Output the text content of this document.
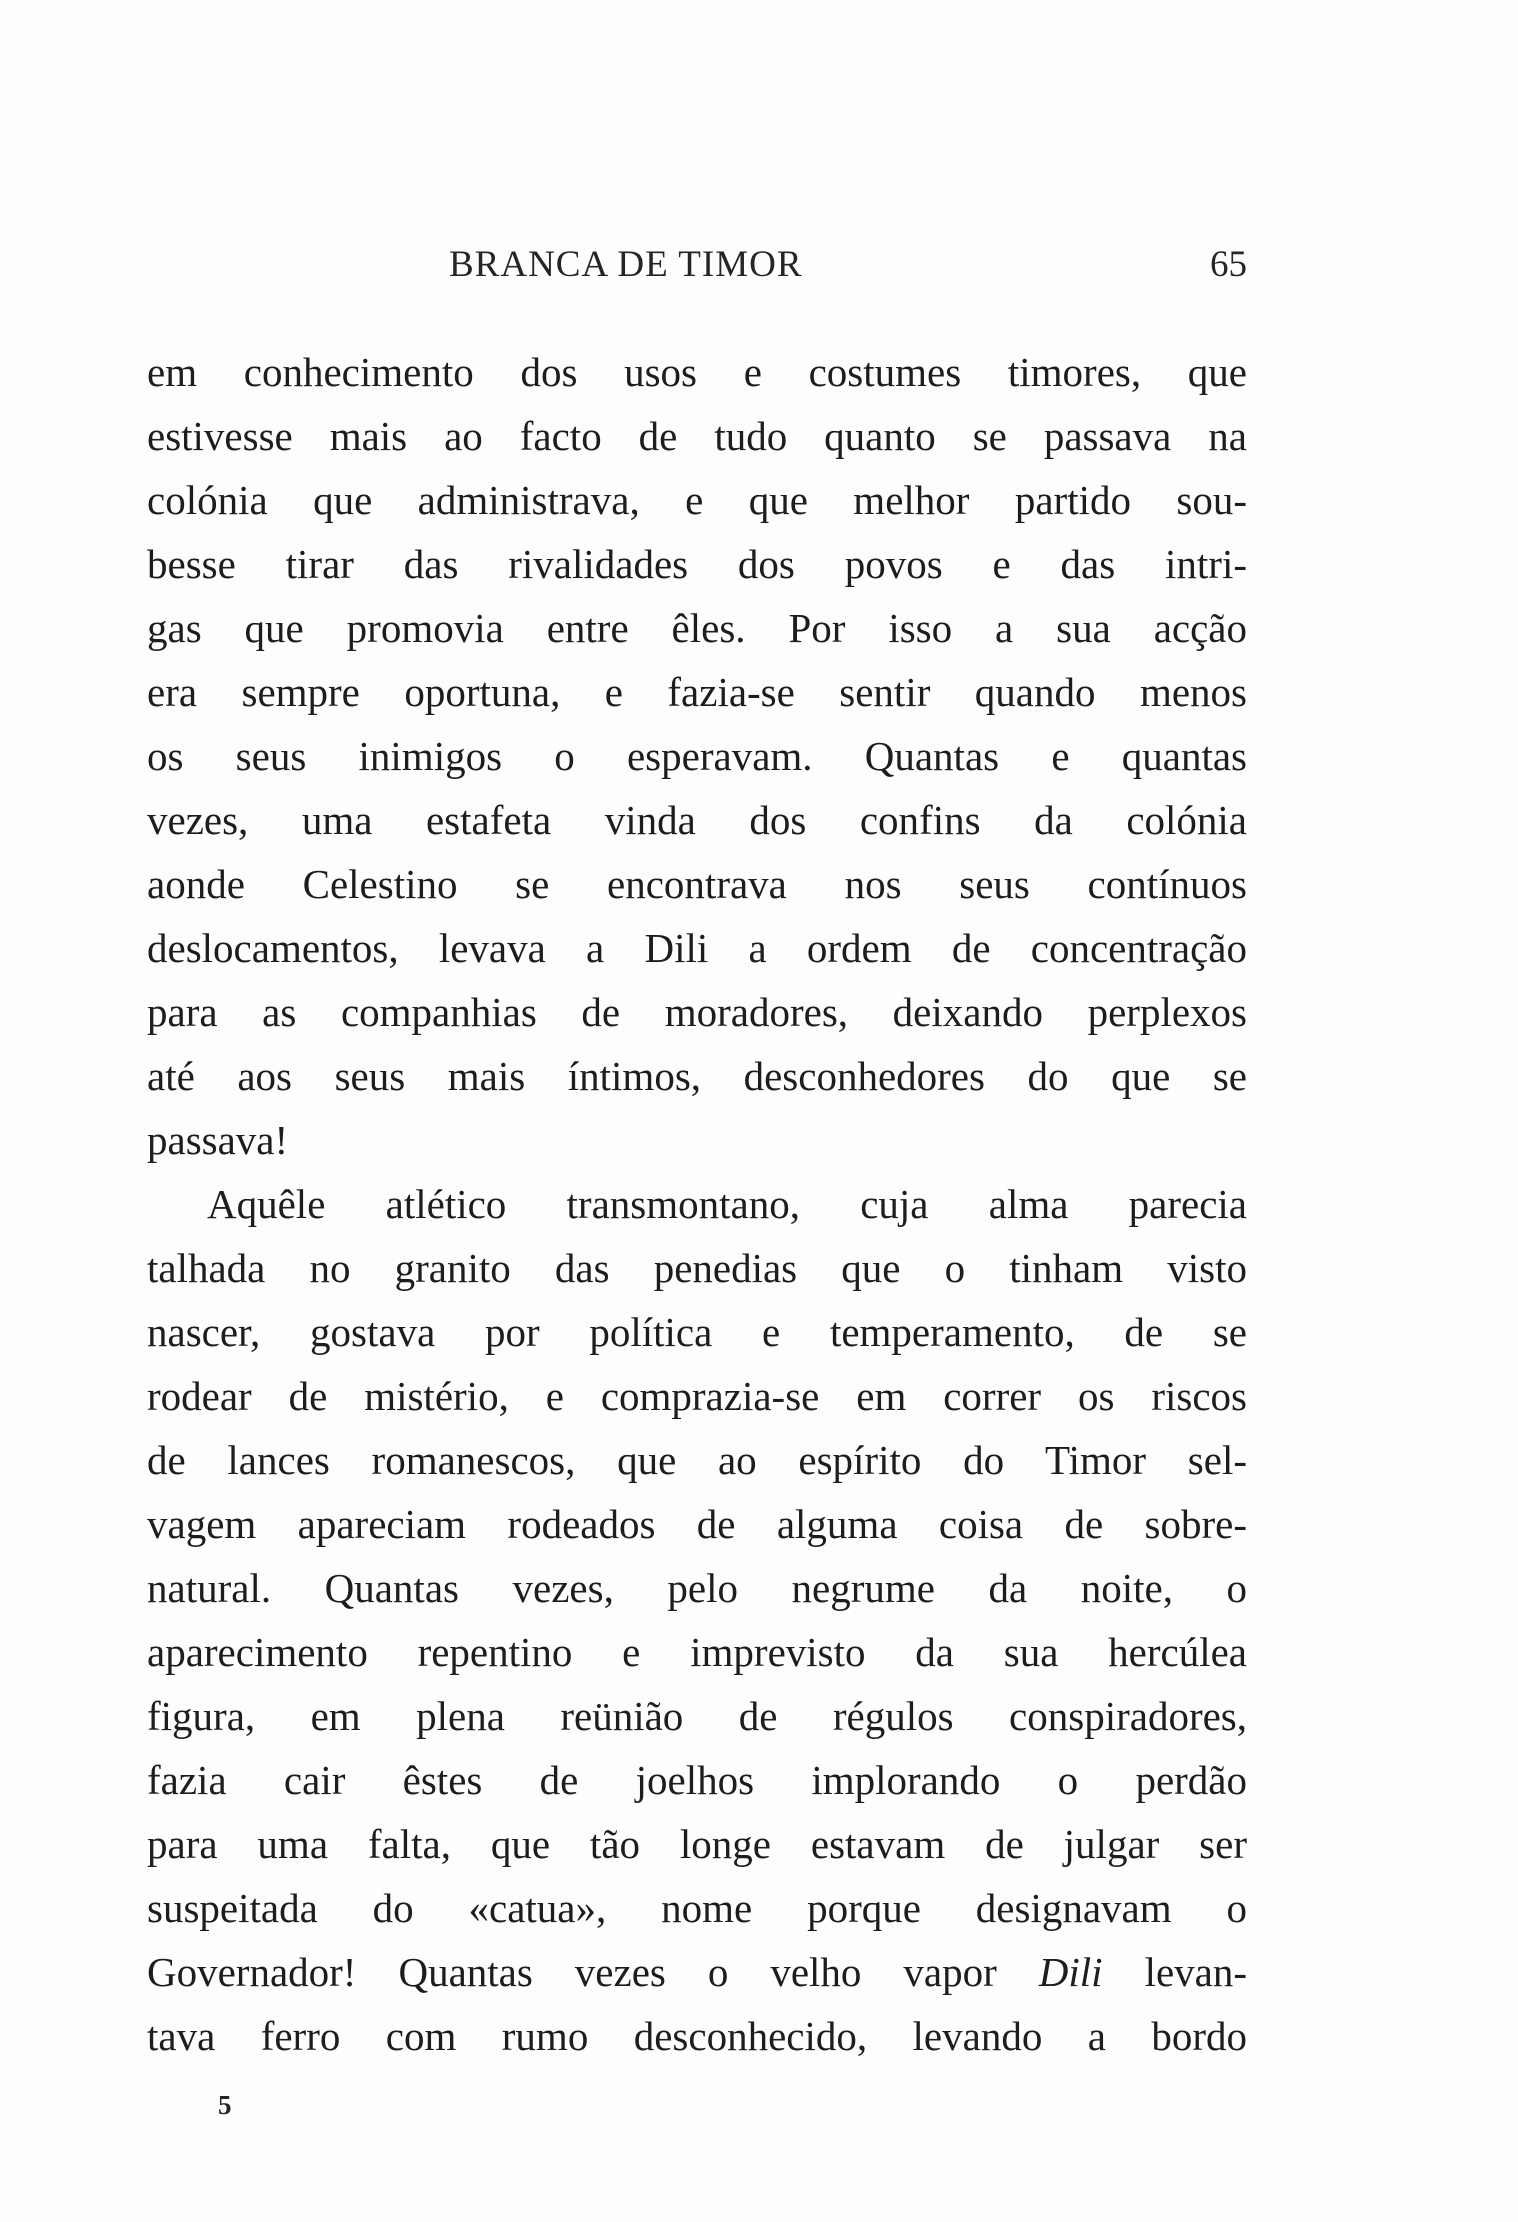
BRANCA DE TIMOR	65
em conhecimento dos usos e costumes timores, que
estivesse mais ao facto de tudo quanto se passava na
colónia que administrava, e que melhor partido sou-
besse tirar das rivalidades dos povos e das intri-
gas que promovia entre êles. Por isso a sua acção
era sempre oportuna, e fazia-se sentir quando menos
os seus inimigos o esperavam. Quantas e quantas
vezes, uma estafeta vinda dos confins da colónia
aonde Celestino se encontrava nos seus contínuos
deslocamentos, levava a Dili a ordem de concentração
para as companhias de moradores, deixando perplexos
até aos seus mais íntimos, desconhedores do que se
passava!
Aquêle atlético transmontano, cuja alma parecia
talhada no granito das penedias que o tinham visto
nascer, gostava por política e temperamento, de se
rodear de mistério, e comprazia-se em correr os riscos
de lances romanescos, que ao espírito do Timor sel-
vagem apareciam rodeados de alguma coisa de sobre-
natural. Quantas vezes, pelo negrume da noite, o
aparecimento repentino e imprevisto da sua hercúlea
figura, em plena reünião de régulos conspiradores,
fazia cair êstes de joelhos implorando o perdão
para uma falta, que tão longe estavam de julgar ser
suspeitada do «catua», nome porque designavam o
Governador! Quantas vezes o velho vapor Dili levan-
tava ferro com rumo desconhecido, levando a bordo
5
